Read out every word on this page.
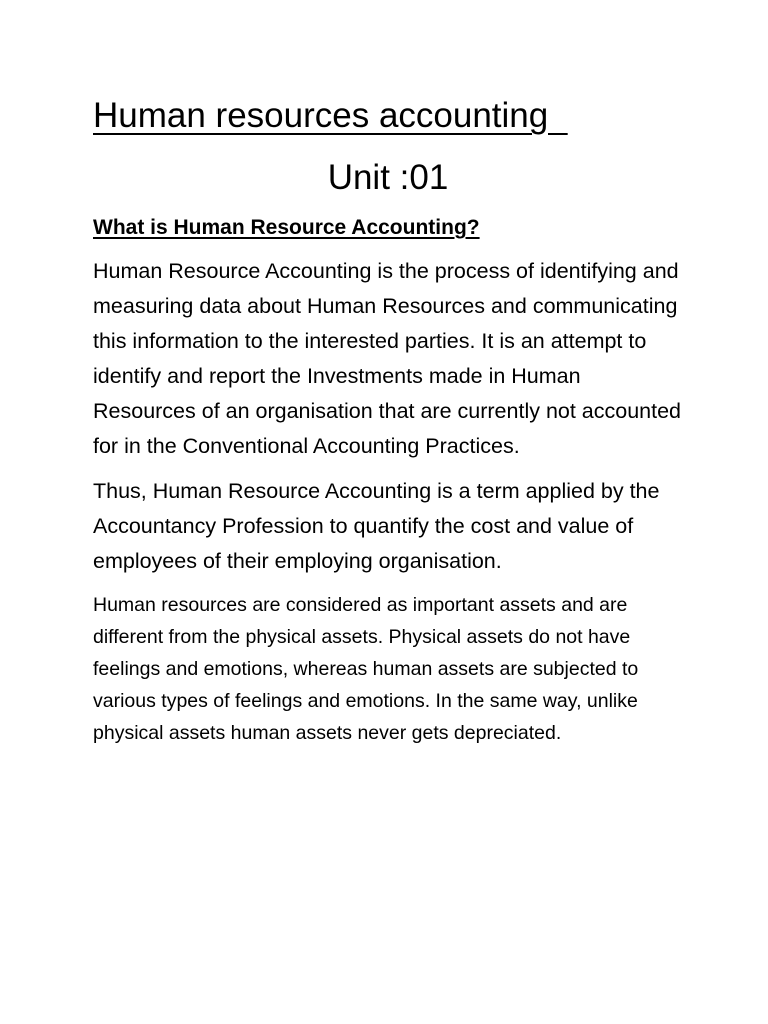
Human resources accounting
Unit :01

What is Human Resource Accounting?

Human Resource Accounting is the process of identifying and measuring data about Human Resources and communicating this information to the interested parties. It is an attempt to identify and report the Investments made in Human Resources of an organisation that are currently not accounted for in the Conventional Accounting Practices.

Thus, Human Resource Accounting is a term applied by the Accountancy Profession to quantify the cost and value of employees of their employing organisation.

Human resources are considered as important assets and are different from the physical assets. Physical assets do not have feelings and emotions, whereas human assets are subjected to various types of feelings and emotions. In the same way, unlike physical assets human assets never gets depreciated.
